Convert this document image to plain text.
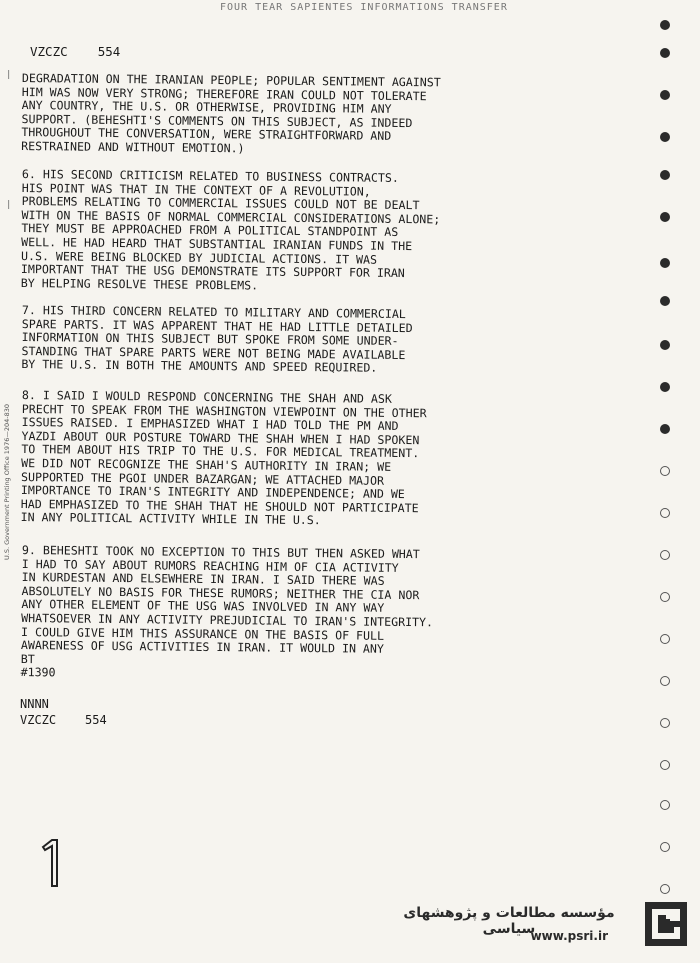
FOUR TEAR SAPIENTES INFORMATIONS TRANSFER
VZCZC 554

DEGRADATION ON THE IRANIAN PEOPLE; POPULAR SENTIMENT AGAINST
HIM WAS NOW VERY STRONG; THEREFORE IRAN COULD NOT TOLERATE
ANY COUNTRY, THE U.S. OR OTHERWISE, PROVIDING HIM ANY
SUPPORT. (BEHESHTI'S COMMENTS ON THIS SUBJECT, AS INDEED
THROUGHOUT THE CONVERSATION, WERE STRAIGHTFORWARD AND
RESTRAINED AND WITHOUT EMOTION.)

6. HIS SECOND CRITICISM RELATED TO BUSINESS CONTRACTS.
HIS POINT WAS THAT IN THE CONTEXT OF A REVOLUTION,
PROBLEMS RELATING TO COMMERCIAL ISSUES COULD NOT BE DEALT
WITH ON THE BASIS OF NORMAL COMMERCIAL CONSIDERATIONS ALONE;
THEY MUST BE APPROACHED FROM A POLITICAL STANDPOINT AS
WELL. HE HAD HEARD THAT SUBSTANTIAL IRANIAN FUNDS IN THE
U.S. WERE BEING BLOCKED BY JUDICIAL ACTIONS. IT WAS
IMPORTANT THAT THE USG DEMONSTRATE ITS SUPPORT FOR IRAN
BY HELPING RESOLVE THESE PROBLEMS.

7. HIS THIRD CONCERN RELATED TO MILITARY AND COMMERCIAL
SPARE PARTS. IT WAS APPARENT THAT HE HAD LITTLE DETAILED
INFORMATION ON THIS SUBJECT BUT SPOKE FROM SOME UNDER-
STANDING THAT SPARE PARTS WERE NOT BEING MADE AVAILABLE
BY THE U.S. IN BOTH THE AMOUNTS AND SPEED REQUIRED.

8. I SAID I WOULD RESPOND CONCERNING THE SHAH AND ASK
PRECHT TO SPEAK FROM THE WASHINGTON VIEWPOINT ON THE OTHER
ISSUES RAISED. I EMPHASIZED WHAT I HAD TOLD THE PM AND
YAZDI ABOUT OUR POSTURE TOWARD THE SHAH WHEN I HAD SPOKEN
TO THEM ABOUT HIS TRIP TO THE U.S. FOR MEDICAL TREATMENT.
WE DID NOT RECOGNIZE THE SHAH'S AUTHORITY IN IRAN; WE
SUPPORTED THE PGOI UNDER BAZARGAN; WE ATTACHED MAJOR
IMPORTANCE TO IRAN'S INTEGRITY AND INDEPENDENCE; AND WE
HAD EMPHASIZED TO THE SHAH THAT HE SHOULD NOT PARTICIPATE
IN ANY POLITICAL ACTIVITY WHILE IN THE U.S.

9. BEHESHTI TOOK NO EXCEPTION TO THIS BUT THEN ASKED WHAT
I HAD TO SAY ABOUT RUMORS REACHING HIM OF CIA ACTIVITY
IN KURDESTAN AND ELSEWHERE IN IRAN. I SAID THERE WAS
ABSOLUTELY NO BASIS FOR THESE RUMORS; NEITHER THE CIA NOR
ANY OTHER ELEMENT OF THE USG WAS INVOLVED IN ANY WAY
WHATSOEVER IN ANY ACTIVITY PREJUDICIAL TO IRAN'S INTEGRITY.
I COULD GIVE HIM THIS ASSURANCE ON THE BASIS OF FULL
AWARENESS OF USG ACTIVITIES IN IRAN. IT WOULD IN ANY
BT
#1390

NNNN
VZCZC 554
U.S. Government Printing Office 1976—204-830
|
|
مؤسسه مطالعات و پژوهشهای سیاسی
www.psri.ir
